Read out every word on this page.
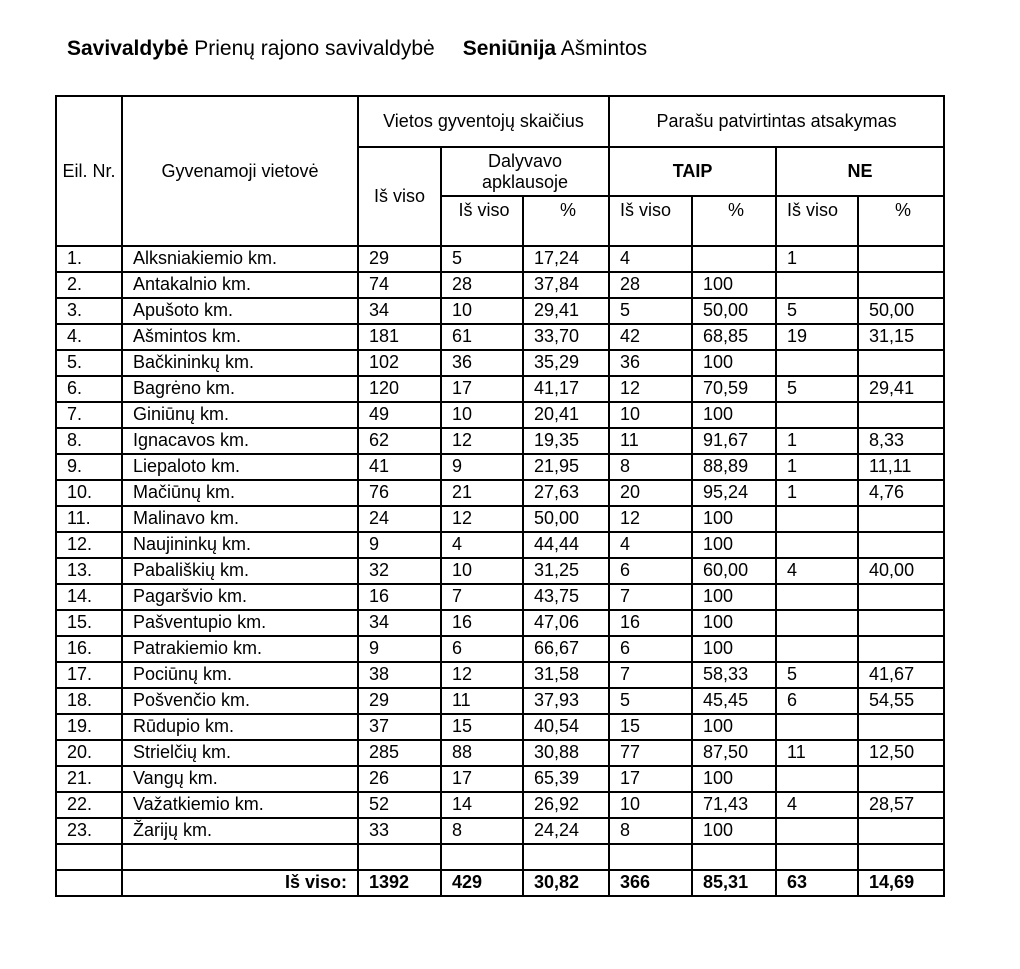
Savivaldybė Prienų rajono savivaldybė Seniūnija Ašmintos
Eil. Nr.	Gyvenamoji vietovė	Vietos gyventojų skaičius			Parašu patvirtintas atsakymas			
		Iš viso	Dalyvavo apklausoje		TAIP		NE	
			Iš viso	%	Iš viso	%	Iš viso	%
1.	Alksniakiemio km.	29	5	17,24	4		1	
2.	Antakalnio km.	74	28	37,84	28	100		
3.	Apušoto km.	34	10	29,41	5	50,00	5	50,00
4.	Ašmintos km.	181	61	33,70	42	68,85	19	31,15
5.	Bačkininkų km.	102	36	35,29	36	100		
6.	Bagrėno km.	120	17	41,17	12	70,59	5	29,41
7.	Giniūnų km.	49	10	20,41	10	100		
8.	Ignacavos km.	62	12	19,35	11	91,67	1	8,33
9.	Liepaloto km.	41	9	21,95	8	88,89	1	11,11
10.	Mačiūnų km.	76	21	27,63	20	95,24	1	4,76
11.	Malinavo km.	24	12	50,00	12	100		
12.	Naujininkų km.	9	4	44,44	4	100		
13.	Pabališkių km.	32	10	31,25	6	60,00	4	40,00
14.	Pagaršvio km.	16	7	43,75	7	100		
15.	Pašventupio km.	34	16	47,06	16	100		
16.	Patrakiemio km.	9	6	66,67	6	100		
17.	Pociūnų km.	38	12	31,58	7	58,33	5	41,67
18.	Pošvenčio km.	29	11	37,93	5	45,45	6	54,55
19.	Rūdupio km.	37	15	40,54	15	100		
20.	Strielčių km.	285	88	30,88	77	87,50	11	12,50
21.	Vangų km.	26	17	65,39	17	100		
22.	Važatkiemio km.	52	14	26,92	10	71,43	4	28,57
23.	Žarijų km.	33	8	24,24	8	100		

	Iš viso:	1392	429	30,82	366	85,31	63	14,69
